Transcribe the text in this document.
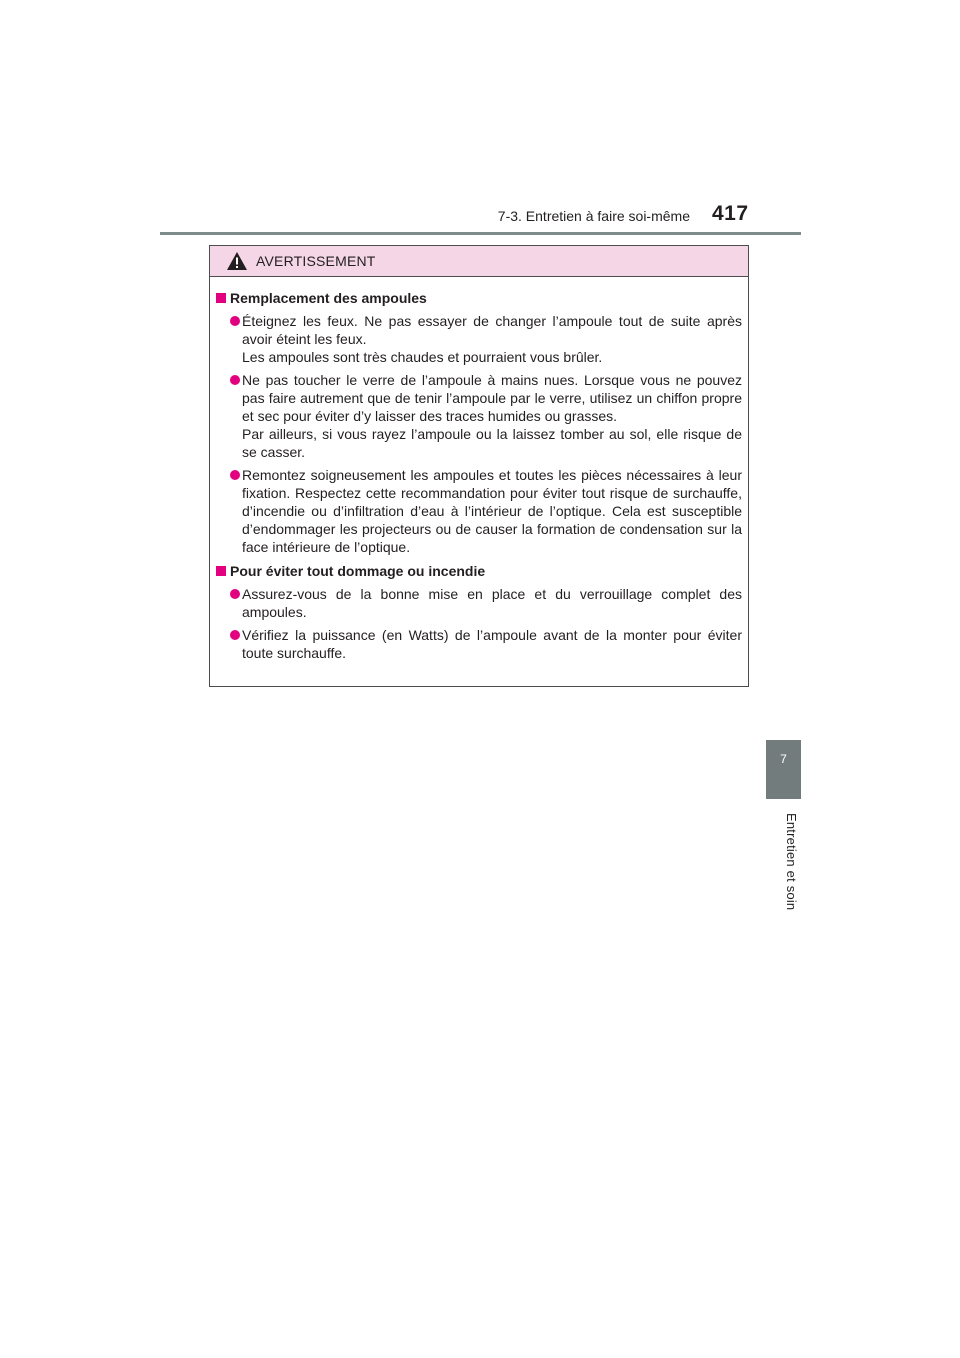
7-3. Entretien à faire soi-même 417
7
Entretien et soin
AVERTISSEMENT
Remplacement des ampoules
Éteignez les feux. Ne pas essayer de changer l’ampoule tout de suite après avoir éteint les feux.
Les ampoules sont très chaudes et pourraient vous brûler.
Ne pas toucher le verre de l’ampoule à mains nues. Lorsque vous ne pouvez pas faire autrement que de tenir l’ampoule par le verre, utilisez un chiffon propre et sec pour éviter d’y laisser des traces humides ou grasses.
Par ailleurs, si vous rayez l’ampoule ou la laissez tomber au sol, elle risque de se casser.
Remontez soigneusement les ampoules et toutes les pièces nécessaires à leur fixation. Respectez cette recommandation pour éviter tout risque de surchauffe, d’incendie ou d’infiltration d’eau à l’intérieur de l’optique. Cela est susceptible d’endommager les projecteurs ou de causer la formation de condensation sur la face intérieure de l’optique.
Pour éviter tout dommage ou incendie
Assurez-vous de la bonne mise en place et du verrouillage complet des ampoules.
Vérifiez la puissance (en Watts) de l’ampoule avant de la monter pour éviter toute surchauffe.
